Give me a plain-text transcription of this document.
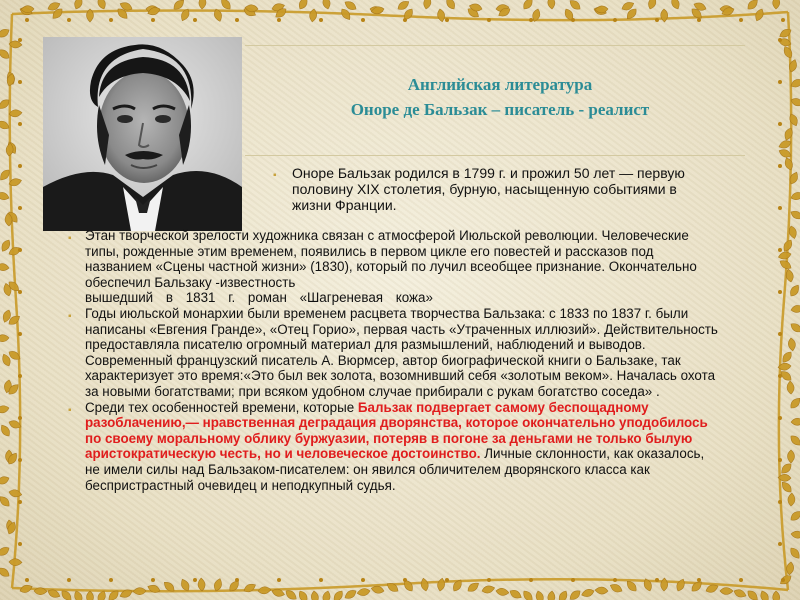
Английская литература
Оноре де Бальзак – писатель - реалист
▪ Оноре Бальзак родился в 1799 г. и прожил 50 лет — первую половину XIX столетия, бурную, насыщенную событиями в жизни Франции.

▪ Этан творческой зрелости художника связан с атмосферой Июльской революции. Человеческие типы, рожденные этим временем, появились в первом цикле его повестей и рассказов под названием «Сцены частной жизни» (1830), который по лучил всеобщее признание. Окончательно обеспечил Бальзаку -известность
вышедший в 1831 г. роман «Шагреневая кожа»

▪ Годы июльской монархии были временем расцвета творчества Бальзака: с 1833 по 1837 г. были написаны «Евгения Гранде», «Отец Горио», первая часть «Утраченных иллюзий». Действительность предоставляла писателю огромный материал для размышлений, наблюдений и выводов. Современный французский писатель А. Вюрмсер, автор биографической книги о Бальзаке, так характеризует это время:«Это был век золота, возомнивший себя «золотым веком». Началась охота за новыми богатствами; при всяком удобном случае прибирали с рукам богатство соседа» .

▪ Среди тех особенностей времени, которые Бальзак подвергает самому беспощадному разоблачению,— нравственная деградация дворянства, которое окончательно уподобилось по своему моральному облику буржуазии, потеряв в погоне за деньгами не только былую аристократическую честь, но и человеческое достоинство. Личные склонности, как оказалось, не имели силы над Бальзаком-писателем: он явился обличителем дворянского класса как беспристрастный очевидец и неподкупный судья.
